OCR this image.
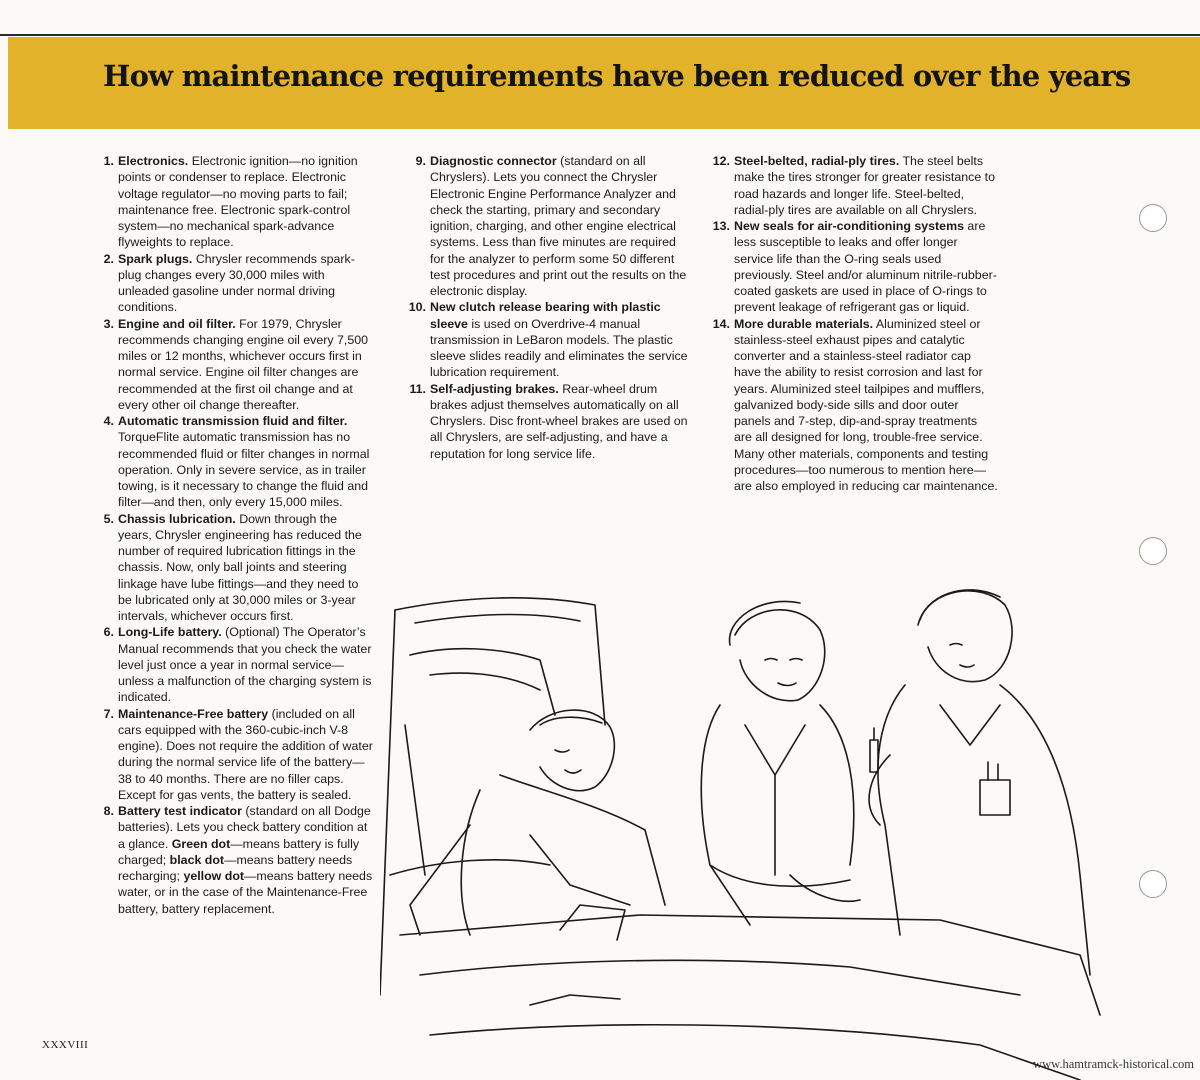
How maintenance requirements have been reduced over the years
1. Electronics. Electronic ignition—no ignition points or condenser to replace. Electronic voltage regulator—no moving parts to fail; maintenance free. Electronic spark-control system—no mechanical spark-advance flyweights to replace.
2. Spark plugs. Chrysler recommends spark-plug changes every 30,000 miles with unleaded gasoline under normal driving conditions.
3. Engine and oil filter. For 1979, Chrysler recommends changing engine oil every 7,500 miles or 12 months, whichever occurs first in normal service. Engine oil filter changes are recommended at the first oil change and at every other oil change thereafter.
4. Automatic transmission fluid and filter. TorqueFlite automatic transmission has no recommended fluid or filter changes in normal operation. Only in severe service, as in trailer towing, is it necessary to change the fluid and filter—and then, only every 15,000 miles.
5. Chassis lubrication. Down through the years, Chrysler engineering has reduced the number of required lubrication fittings in the chassis. Now, only ball joints and steering linkage have lube fittings—and they need to be lubricated only at 30,000 miles or 3-year intervals, whichever occurs first.
6. Long-Life battery. (Optional) The Operator’s Manual recommends that you check the water level just once a year in normal service—unless a malfunction of the charging system is indicated.
7. Maintenance-Free battery (included on all cars equipped with the 360-cubic-inch V-8 engine). Does not require the addition of water during the normal service life of the battery—38 to 40 months. There are no filler caps. Except for gas vents, the battery is sealed.
8. Battery test indicator (standard on all Dodge batteries). Lets you check battery condition at a glance. Green dot—means battery is fully charged; black dot—means battery needs recharging; yellow dot—means battery needs water, or in the case of the Maintenance-Free battery, battery replacement.
9. Diagnostic connector (standard on all Chryslers). Lets you connect the Chrysler Electronic Engine Performance Analyzer and check the starting, primary and secondary ignition, charging, and other engine electrical systems. Less than five minutes are required for the analyzer to perform some 50 different test procedures and print out the results on the electronic display.
10. New clutch release bearing with plastic sleeve is used on Overdrive-4 manual transmission in LeBaron models. The plastic sleeve slides readily and eliminates the service lubrication requirement.
11. Self-adjusting brakes. Rear-wheel drum brakes adjust themselves automatically on all Chryslers. Disc front-wheel brakes are used on all Chryslers, are self-adjusting, and have a reputation for long service life.
12. Steel-belted, radial-ply tires. The steel belts make the tires stronger for greater resistance to road hazards and longer life. Steel-belted, radial-ply tires are available on all Chryslers.
13. New seals for air-conditioning systems are less susceptible to leaks and offer longer service life than the O-ring seals used previously. Steel and/or aluminum nitrile-rubber-coated gaskets are used in place of O-rings to prevent leakage of refrigerant gas or liquid.
14. More durable materials. Aluminized steel or stainless-steel exhaust pipes and catalytic converter and a stainless-steel radiator cap have the ability to resist corrosion and last for years. Aluminized steel tailpipes and mufflers, galvanized body-side sills and door outer panels and 7-step, dip-and-spray treatments are all designed for long, trouble-free service. Many other materials, components and testing procedures—too numerous to mention here—are also employed in reducing car maintenance.
XXXVIII
www.hamtramck-historical.com
